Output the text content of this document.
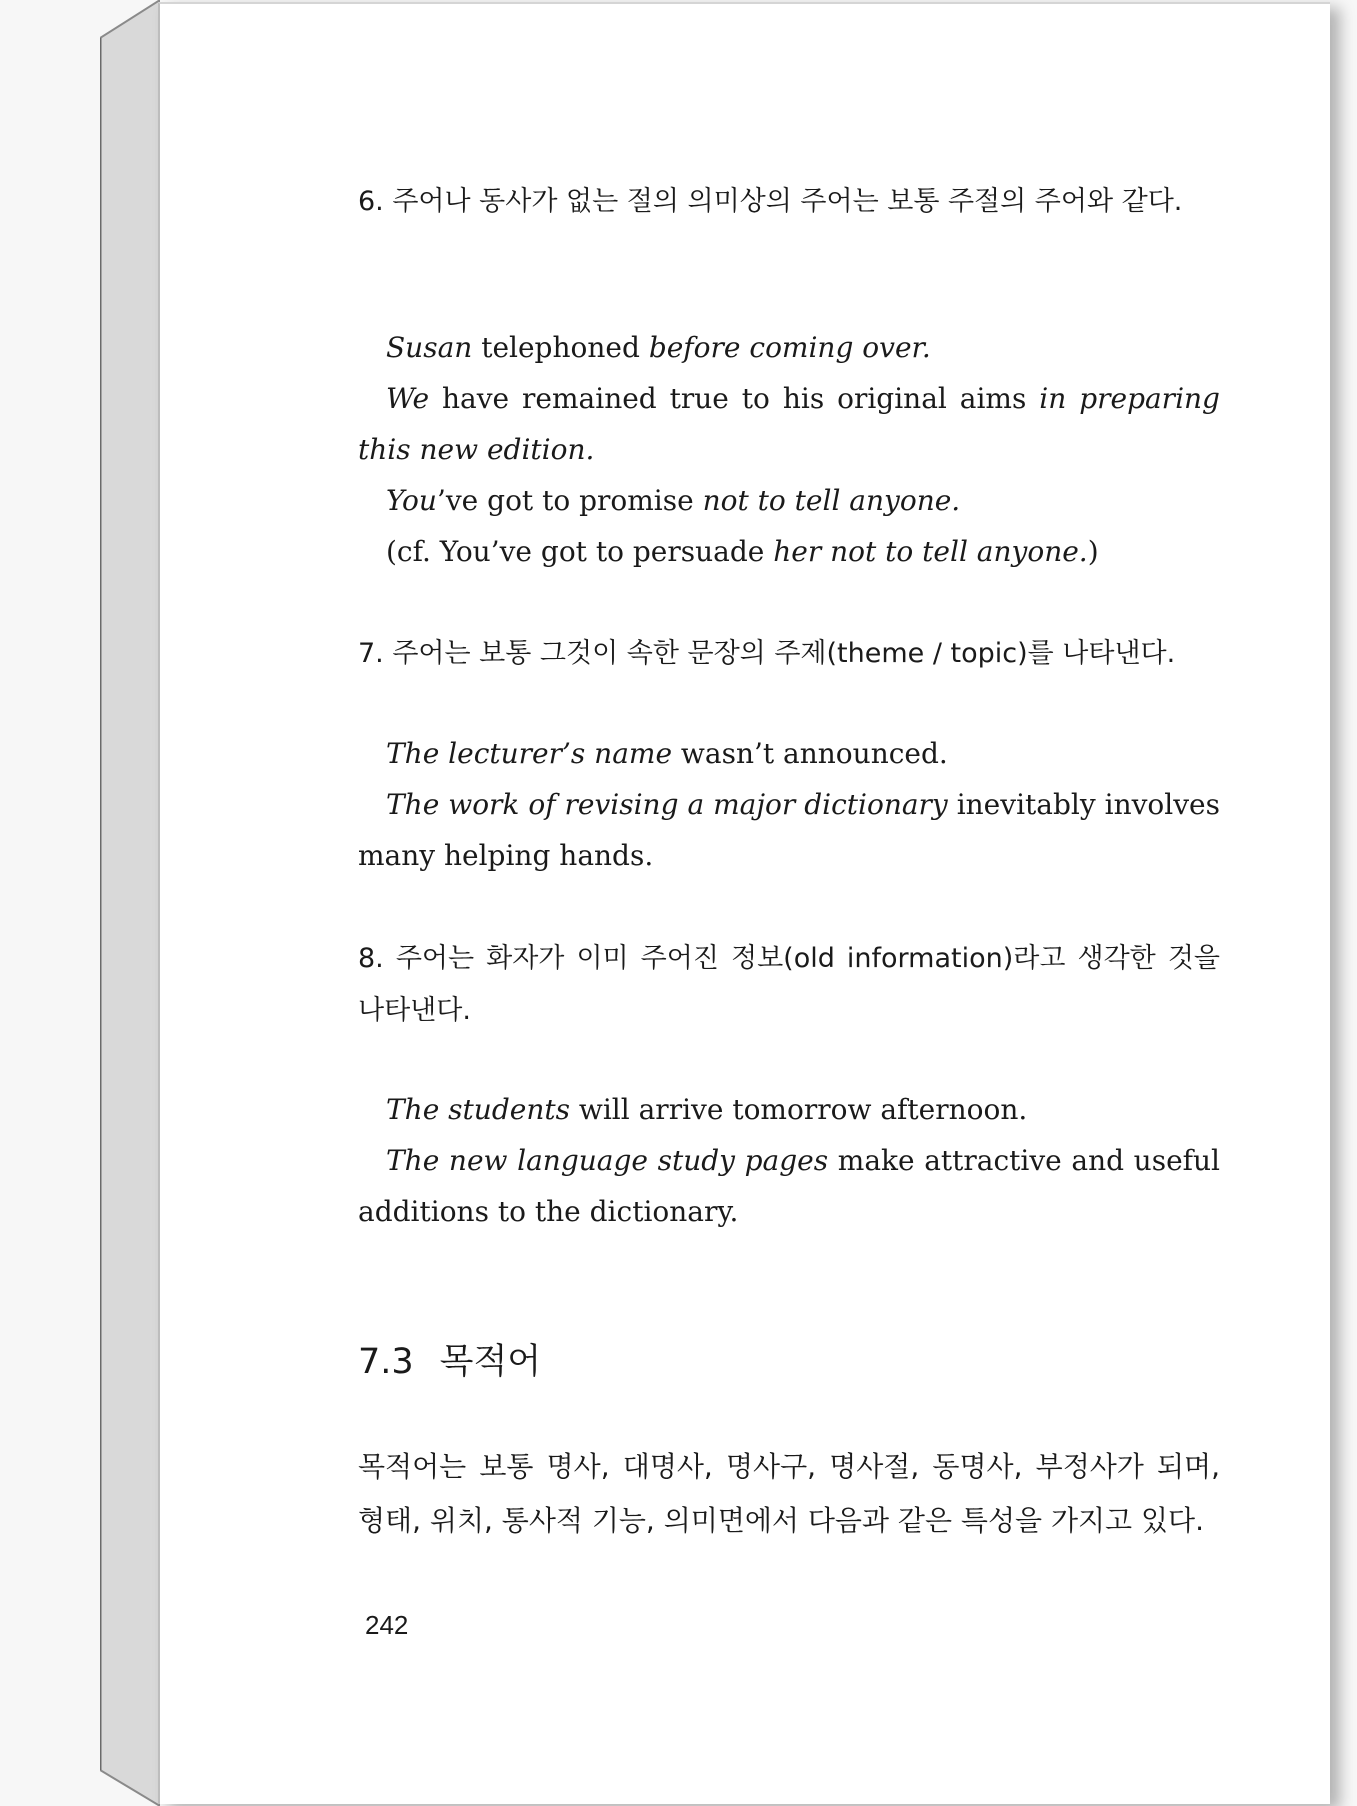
6. 주어나 동사가 없는 절의 의미상의 주어는 보통 주절의 주어와 같다.
Susan telephoned before coming over.
We have remained true to his original aims in preparing this new edition.
You’ve got to promise not to tell anyone.
(cf. You’ve got to persuade her not to tell anyone.)
7. 주어는 보통 그것이 속한 문장의 주제(theme / topic)를 나타낸다.
The lecturer’s name wasn’t announced.
The work of revising a major dictionary inevitably involves many helping hands.
8. 주어는 화자가 이미 주어진 정보(old information)라고 생각한 것을 나타낸다.
The students will arrive tomorrow afternoon.
The new language study pages make attractive and useful additions to the dictionary.
7.3 목적어
목적어는 보통 명사, 대명사, 명사구, 명사절, 동명사, 부정사가 되며, 형태, 위치, 통사적 기능, 의미면에서 다음과 같은 특성을 가지고 있다.
242
